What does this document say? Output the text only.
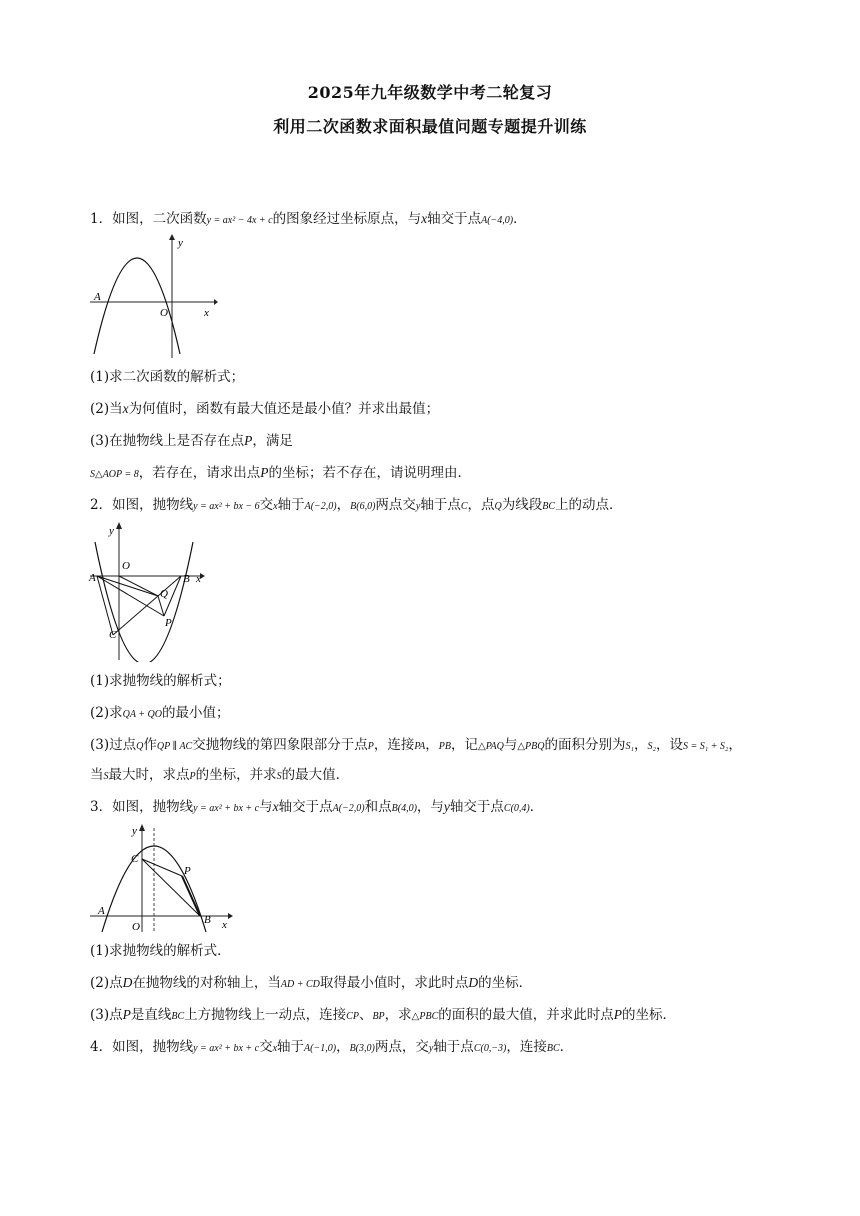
2025年九年级数学中考二轮复习
利用二次函数求面积最值问题专题提升训练
1．如图，二次函数y = ax² − 4x + c的图象经过坐标原点，与x轴交于点A(−4,0)．
y
x
A
O
(1)求二次函数的解析式；
(2)当x为何值时，函数有最大值还是最小值？并求出最值；
(3)在抛物线上是否存在点P，满足
S△AOP = 8，若存在，请求出点P的坐标；若不存在，请说明理由．
2．如图，抛物线y = ax² + bx − 6交x轴于A(−2,0)，B(6,0)两点交y轴于点C，点Q为线段BC上的动点．
y
x
A
O
B
C
Q
P
(1)求抛物线的解析式；
(2)求QA + QO的最小值；
(3)过点Q作QP ∥ AC交抛物线的第四象限部分于点P，连接PA，PB，记△PAQ与△PBQ的面积分别为S₁，S₂，设S = S₁ + S₂，
当S最大时，求点P的坐标，并求S的最大值．
3．如图，抛物线y = ax² + bx + c与x轴交于点A(−2,0)和点B(4,0)，与y轴交于点C(0,4)．
y
x
A
O
B
C
P
(1)求抛物线的解析式．
(2)点D在抛物线的对称轴上，当AD + CD取得最小值时，求此时点D的坐标．
(3)点P是直线BC上方抛物线上一动点，连接CP、BP，求△PBC的面积的最大值，并求此时点P的坐标．
4．如图，抛物线y = ax² + bx + c交x轴于A(−1,0)，B(3,0)两点，交y轴于点C(0,−3)，连接BC．
